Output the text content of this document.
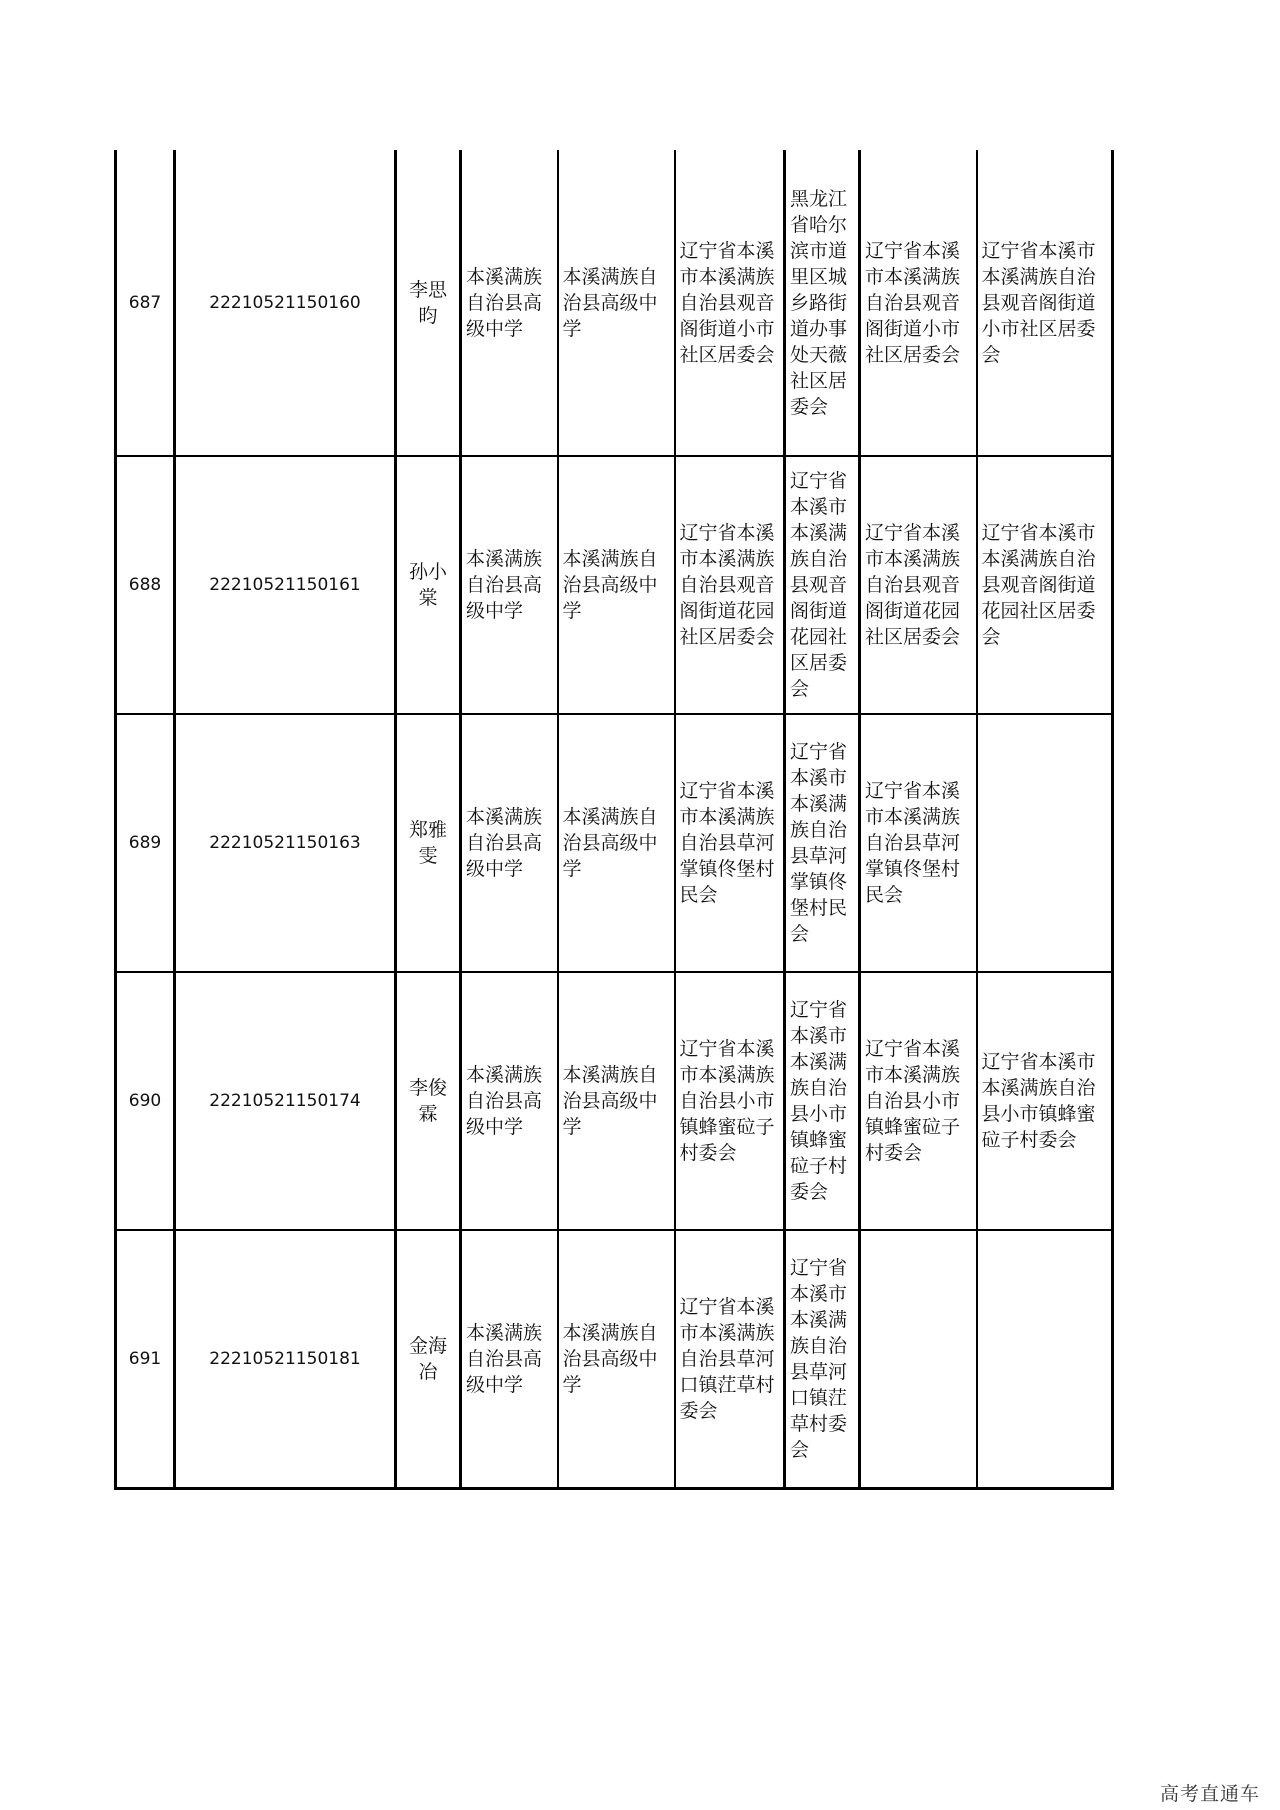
687	22210521150160	李思昀	本溪满族自治县高级中学	本溪满族自治县高级中学	辽宁省本溪市本溪满族自治县观音阁街道小市社区居委会	黑龙江省哈尔滨市道里区城乡路街道办事处天薇社区居委会	辽宁省本溪市本溪满族自治县观音阁街道小市社区居委会	辽宁省本溪市本溪满族自治县观音阁街道小市社区居委会
688	22210521150161	孙小棠	本溪满族自治县高级中学	本溪满族自治县高级中学	辽宁省本溪市本溪满族自治县观音阁街道花园社区居委会	辽宁省本溪市本溪满族自治县观音阁街道花园社区居委会	辽宁省本溪市本溪满族自治县观音阁街道花园社区居委会	辽宁省本溪市本溪满族自治县观音阁街道花园社区居委会
689	22210521150163	郑雅雯	本溪满族自治县高级中学	本溪满族自治县高级中学	辽宁省本溪市本溪满族自治县草河掌镇佟堡村民会	辽宁省本溪市本溪满族自治县草河掌镇佟堡村民会	辽宁省本溪市本溪满族自治县草河掌镇佟堡村民会	
690	22210521150174	李俊霖	本溪满族自治县高级中学	本溪满族自治县高级中学	辽宁省本溪市本溪满族自治县小市镇蜂蜜砬子村委会	辽宁省本溪市本溪满族自治县小市镇蜂蜜砬子村委会	辽宁省本溪市本溪满族自治县小市镇蜂蜜砬子村委会	辽宁省本溪市本溪满族自治县小市镇蜂蜜砬子村委会
691	22210521150181	金海冶	本溪满族自治县高级中学	本溪满族自治县高级中学	辽宁省本溪市本溪满族自治县草河口镇茳草村委会	辽宁省本溪市本溪满族自治县草河口镇茳草村委会		
高考直通车
